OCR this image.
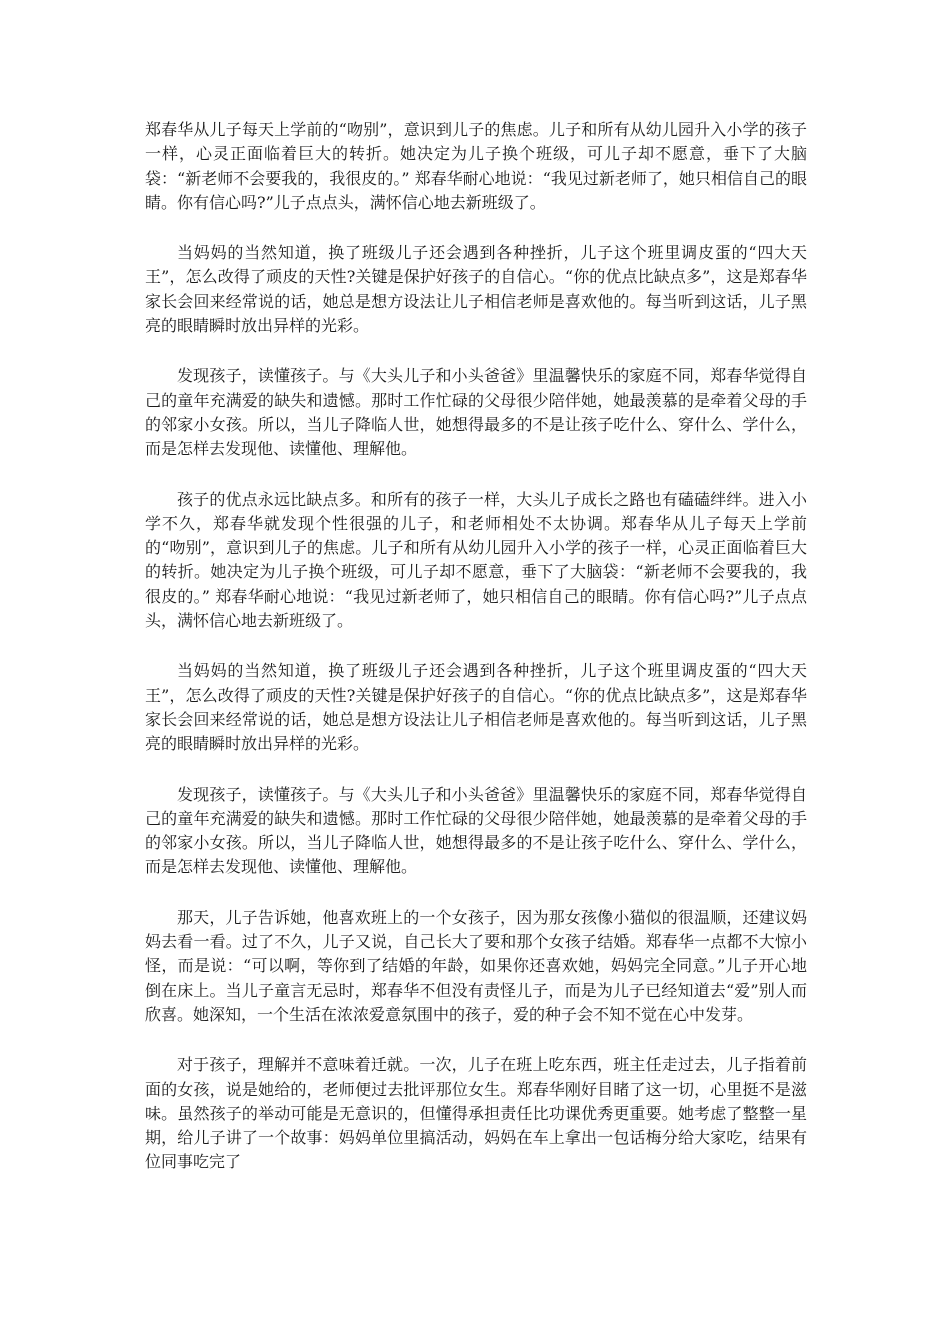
郑春华从儿子每天上学前的“吻别”，意识到儿子的焦虑。儿子和所有从幼儿园升入小学的孩子一样，心灵正面临着巨大的转折。她决定为儿子换个班级，可儿子却不愿意，垂下了大脑袋：“新老师不会要我的，我很皮的。” 郑春华耐心地说：“我见过新老师了，她只相信自己的眼睛。你有信心吗?”儿子点点头，满怀信心地去新班级了。

当妈妈的当然知道，换了班级儿子还会遇到各种挫折，儿子这个班里调皮蛋的“四大天王”，怎么改得了顽皮的天性?关键是保护好孩子的自信心。“你的优点比缺点多”，这是郑春华家长会回来经常说的话，她总是想方设法让儿子相信老师是喜欢他的。每当听到这话，儿子黑亮的眼睛瞬时放出异样的光彩。

发现孩子，读懂孩子。与《大头儿子和小头爸爸》里温馨快乐的家庭不同，郑春华觉得自己的童年充满爱的缺失和遗憾。那时工作忙碌的父母很少陪伴她，她最羡慕的是牵着父母的手的邻家小女孩。所以，当儿子降临人世，她想得最多的不是让孩子吃什么、穿什么、学什么，而是怎样去发现他、读懂他、理解他。

孩子的优点永远比缺点多。和所有的孩子一样，大头儿子成长之路也有磕磕绊绊。进入小学不久，郑春华就发现个性很强的儿子，和老师相处不太协调。郑春华从儿子每天上学前的“吻别”，意识到儿子的焦虑。儿子和所有从幼儿园升入小学的孩子一样，心灵正面临着巨大的转折。她决定为儿子换个班级，可儿子却不愿意，垂下了大脑袋：“新老师不会要我的，我很皮的。” 郑春华耐心地说：“我见过新老师了，她只相信自己的眼睛。你有信心吗?”儿子点点头，满怀信心地去新班级了。

当妈妈的当然知道，换了班级儿子还会遇到各种挫折，儿子这个班里调皮蛋的“四大天王”，怎么改得了顽皮的天性?关键是保护好孩子的自信心。“你的优点比缺点多”，这是郑春华家长会回来经常说的话，她总是想方设法让儿子相信老师是喜欢他的。每当听到这话，儿子黑亮的眼睛瞬时放出异样的光彩。

发现孩子，读懂孩子。与《大头儿子和小头爸爸》里温馨快乐的家庭不同，郑春华觉得自己的童年充满爱的缺失和遗憾。那时工作忙碌的父母很少陪伴她，她最羡慕的是牵着父母的手的邻家小女孩。所以，当儿子降临人世，她想得最多的不是让孩子吃什么、穿什么、学什么，而是怎样去发现他、读懂他、理解他。

那天，儿子告诉她，他喜欢班上的一个女孩子，因为那女孩像小猫似的很温顺，还建议妈妈去看一看。过了不久，儿子又说，自己长大了要和那个女孩子结婚。郑春华一点都不大惊小怪，而是说：“可以啊，等你到了结婚的年龄，如果你还喜欢她，妈妈完全同意。”儿子开心地倒在床上。当儿子童言无忌时，郑春华不但没有责怪儿子，而是为儿子已经知道去“爱”别人而欣喜。她深知，一个生活在浓浓爱意氛围中的孩子，爱的种子会不知不觉在心中发芽。

对于孩子，理解并不意味着迁就。一次，儿子在班上吃东西，班主任走过去，儿子指着前面的女孩，说是她给的，老师便过去批评那位女生。郑春华刚好目睹了这一切，心里挺不是滋味。虽然孩子的举动可能是无意识的，但懂得承担责任比功课优秀更重要。她考虑了整整一星期，给儿子讲了一个故事：妈妈单位里搞活动，妈妈在车上拿出一包话梅分给大家吃，结果有位同事吃完了
